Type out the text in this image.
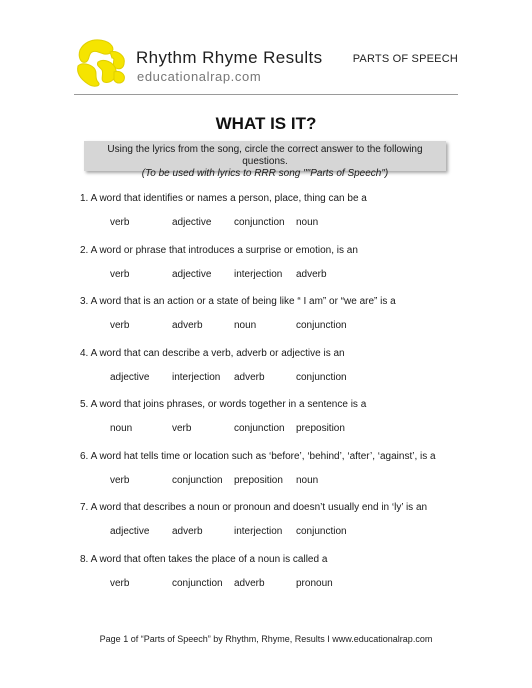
Rhythm Rhyme Results
educationalrap.com
PARTS OF SPEECH
WHAT IS IT?
Using the lyrics from the song, circle the correct answer to the following questions.
(To be used with lyrics to RRR song ""Parts of Speech")
1. A word that identifies or names a person, place, thing can be a
verb	adjective conjunction noun
2. A word or phrase that introduces a surprise or emotion, is an
verb	adjective interjection adverb
3. A word that is an action or a state of being like “ I am” or “we are” is a
verb	adverb	noun	conjunction
4. A word that can describe a verb, adverb or adjective is an
adjective interjection adverb	conjunction
5. A word that joins phrases, or words together in a sentence is a
noun	verb	conjunction preposition
6. A word hat tells time or location such as ‘before’, ‘behind’, ‘after’, ‘against’, is a
verb	conjunction preposition noun
7. A word that describes a noun or pronoun and doesn’t usually end in ‘ly’ is an
adjective adverb	interjection conjunction
8. A word that often takes the place of a noun is called a
verb	conjunction adverb	pronoun
Page 1 of “Parts of Speech” by Rhythm, Rhyme, Results I www.educationalrap.com
